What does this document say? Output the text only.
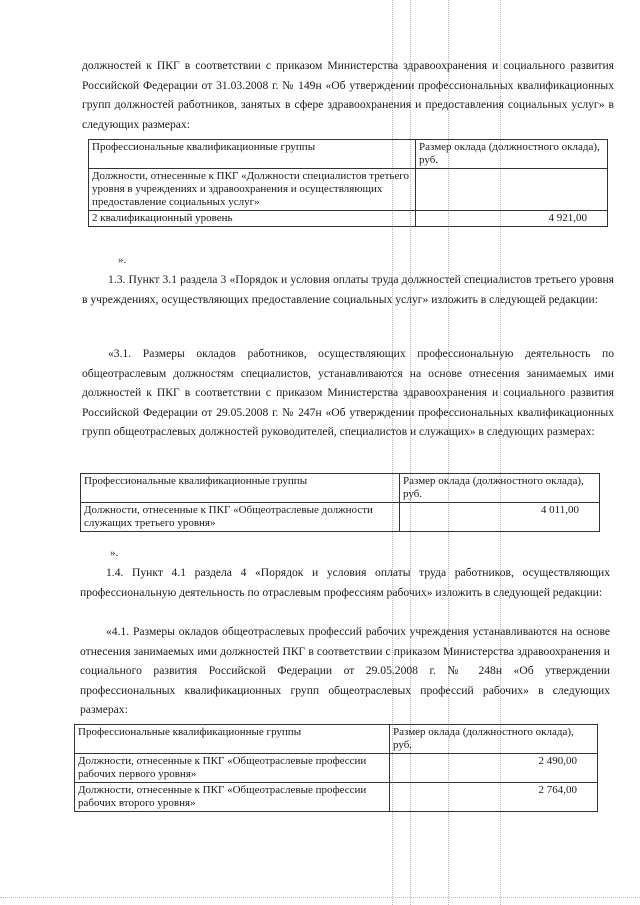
должностей к ПКГ в соответствии с приказом Министерства здравоохранения и социального развития Российской Федерации от 31.03.2008 г. № 149н «Об утверждении профессиональных квалификационных групп должностей работников, занятых в сфере здравоохранения и предоставления социальных услуг» в следующих размерах:
Профессиональные квалификационные группы	Размер оклада (должностного оклада), руб.
Должности, отнесенные к ПКГ «Должности специалистов третьего уровня в учреждениях и здравоохранения и осуществляющих предоставление социальных услуг»	
2 квалификационный уровень	4 921,00
».
1.3. Пункт 3.1 раздела 3 «Порядок и условия оплаты труда должностей специалистов третьего уровня в учреждениях, осуществляющих предоставление социальных услуг» изложить в следующей редакции:
«3.1. Размеры окладов работников, осуществляющих профессиональную деятельность по общеотраслевым должностям специалистов, устанавливаются на основе отнесения занимаемых ими должностей к ПКГ в соответствии с приказом Министерства здравоохранения и социального развития Российской Федерации от 29.05.2008 г. № 247н «Об утверждении профессиональных квалификационных групп общеотраслевых должностей руководителей, специалистов и служащих» в следующих размерах:
Профессиональные квалификационные группы	Размер оклада (должностного оклада), руб.
Должности, отнесенные к ПКГ «Общеотраслевые должности служащих третьего уровня»	4 011,00
».
1.4. Пункт 4.1 раздела 4 «Порядок и условия оплаты труда работников, осуществляющих профессиональную деятельность по отраслевым профессиям рабочих» изложить в следующей редакции:
«4.1. Размеры окладов общеотраслевых профессий рабочих учреждения устанавливаются на основе отнесения занимаемых ими должностей ПКГ в соответствии с приказом Министерства здравоохранения и социального развития Российской Федерации от 29.05.2008 г. № 248н «Об утверждении профессиональных квалификационных групп общеотраслевых профессий рабочих» в следующих размерах:
Профессиональные квалификационные группы	Размер оклада (должностного оклада), руб.
Должности, отнесенные к ПКГ «Общеотраслевые профессии рабочих первого уровня»	2 490,00
Должности, отнесенные к ПКГ «Общеотраслевые профессии рабочих второго уровня»	2 764,00
